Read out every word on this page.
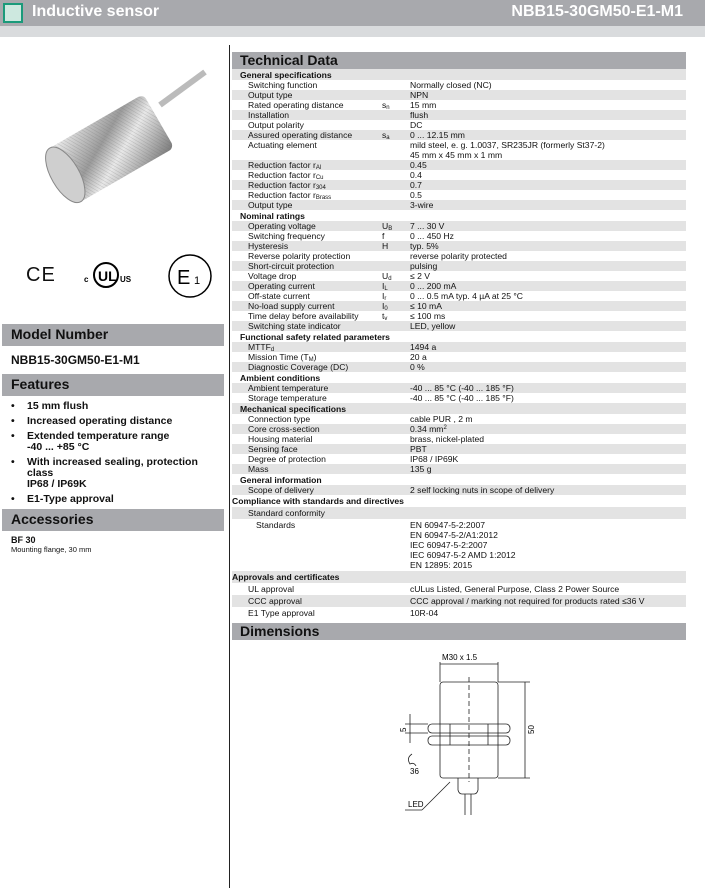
Inductive sensor	NBB15-30GM50-E1-M1
CE	c UL US E 1
Model Number
NBB15-30GM50-E1-M1
Features
• 15 mm flush
• Increased operating distance
• Extended temperature range
-40 ... +85 °C
• With increased sealing, protection class
IP68 / IP69K
• E1-Type approval
Accessories
BF 30
Mounting flange, 30 mm
Technical Data
General specifications
Switching function	Normally closed (NC)
Output type	NPN
Rated operating distance	$s_n$	15 mm
Installation	flush
Output polarity	DC
Assured operating distance	$s_a$	0 ... 12.15 mm
Actuating element	mild steel, e. g. 1.0037, SR235JR (formerly St37-2)
45 mm x 45 mm x 1 mm
Reduction factor $r_{Al}$	0.45
Reduction factor $r_{Cu}$	0.4
Reduction factor $r_{304}$	0.7
Reduction factor $r_{Brass}$	0.5
Output type	3-wire
Nominal ratings
Operating voltage	$U_B$	7 ... 30 V
Switching frequency	f	0 ... 450 Hz
Hysteresis	H	typ. 5%
Reverse polarity protection	reverse polarity protected
Short-circuit protection	pulsing
Voltage drop	$U_d$	≤ 2 V
Operating current	$I_L$	0 ... 200 mA
Off-state current	$I_r$	0 ... 0.5 mA typ. 4 µA at 25 °C
No-load supply current	$I_0$	≤ 10 mA
Time delay before availability	$t_v$	≤ 100 ms
Switching state indicator	LED, yellow
Functional safety related parameters
$MTTF_d$	1494 a
Mission Time $(T_M)$	20 a
Diagnostic Coverage (DC)	0 %
Ambient conditions
Ambient temperature	-40 ... 85 °C (-40 ... 185 °F)
Storage temperature	-40 ... 85 °C (-40 ... 185 °F)
Mechanical specifications
Connection type	cable PUR , 2 m
Core cross-section	0.34 $mm^2$
Housing material	brass, nickel-plated
Sensing face	PBT
Degree of protection	IP68 / IP69K
Mass	135 g
General information
Scope of delivery	2 self locking nuts in scope of delivery
Compliance with standards and directives
Standard conformity
Standards	EN 60947-5-2:2007
EN 60947-5-2/A1:2012
IEC 60947-5-2:2007
IEC 60947-5-2 AMD 1:2012
EN 12895: 2015
Approvals and certificates
UL approval	cULus Listed, General Purpose, Class 2 Power Source
CCC approval	CCC approval / marking not required for products rated ≤36 V
E1 Type approval	10R-04
Dimensions
M30 x 1.5
50
5
36
LED
